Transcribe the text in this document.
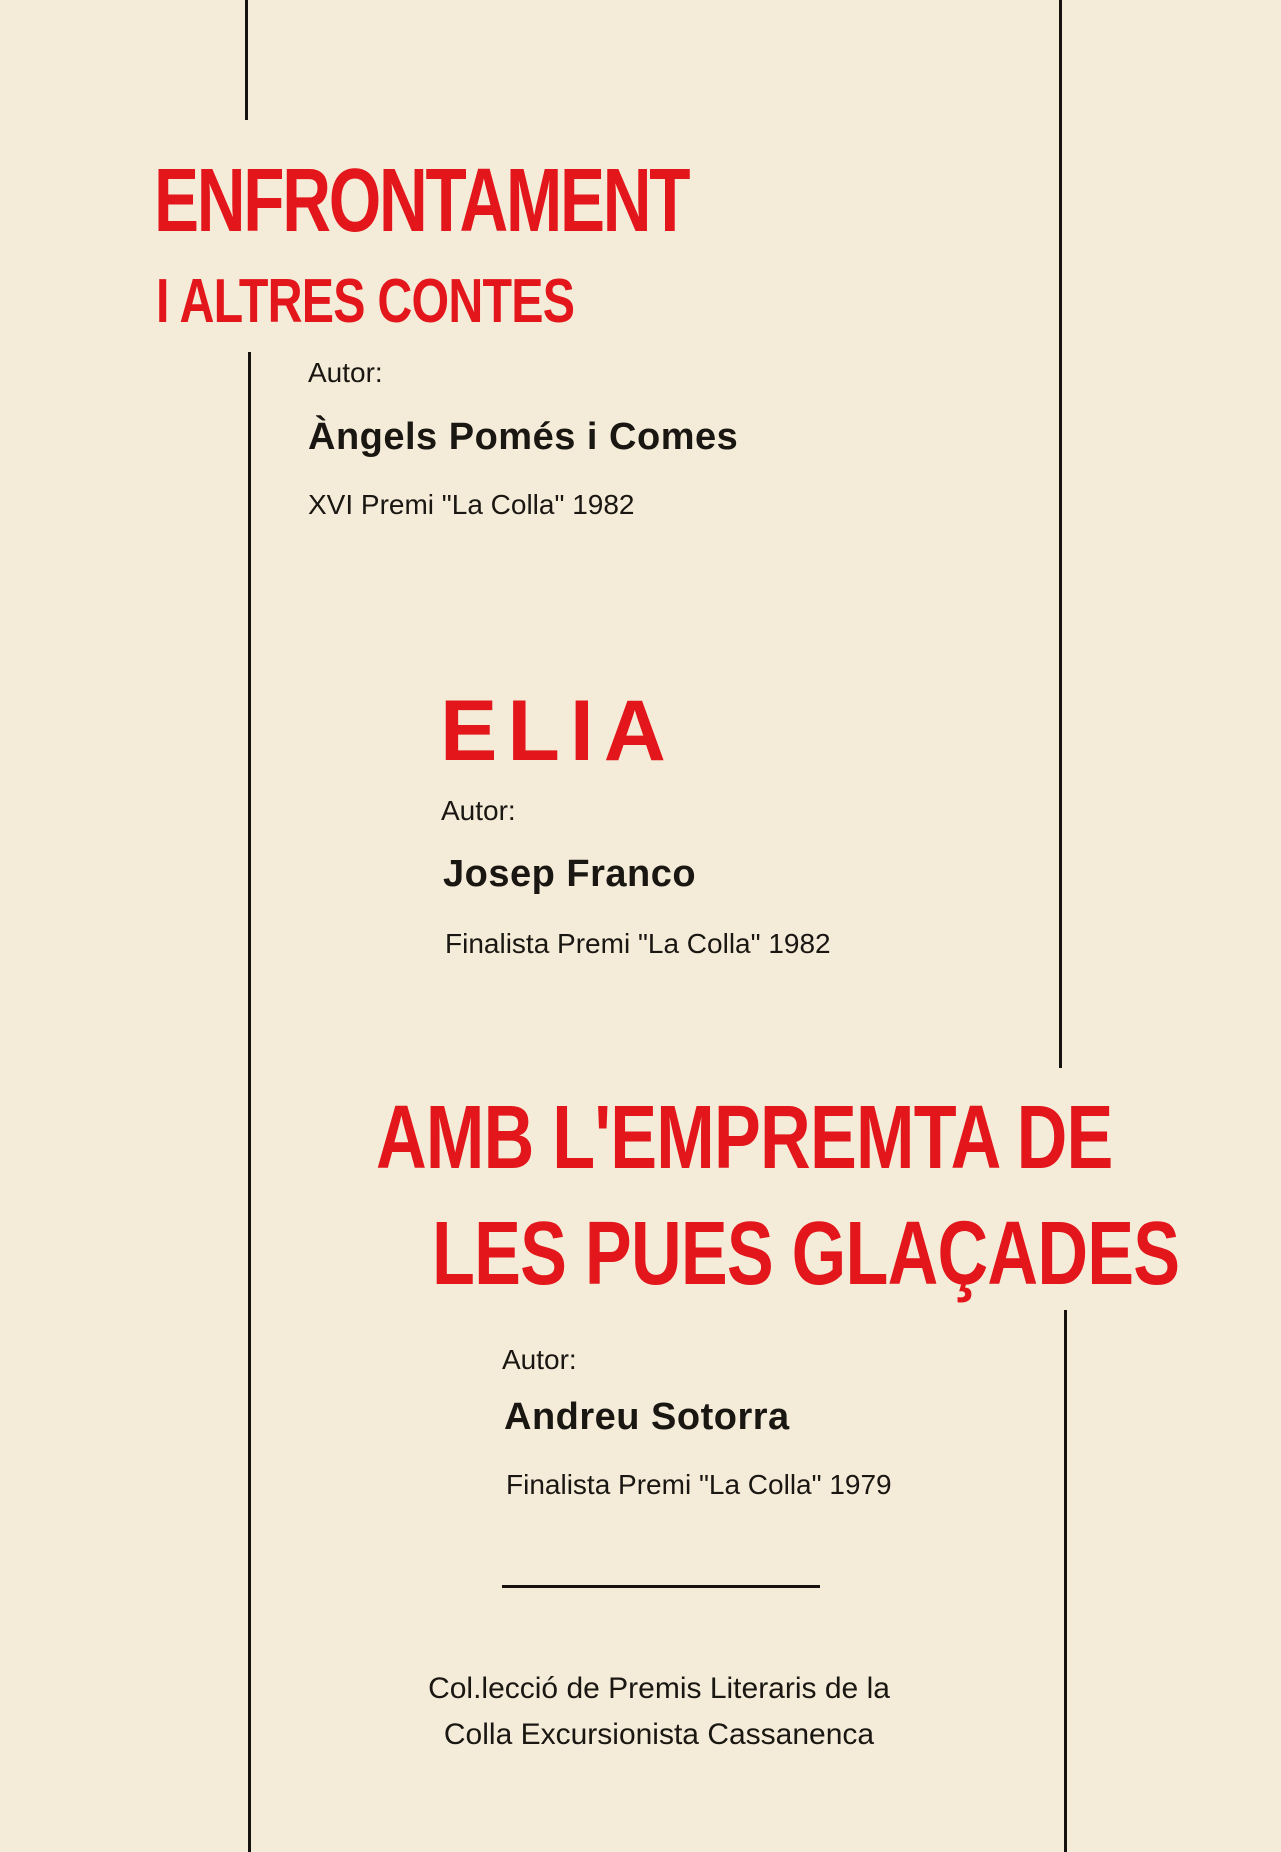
ENFRONTAMENT
I ALTRES CONTES

Autor:

Àngels Pomés i Comes

XVI Premi "La Colla" 1982

ELIA

Autor:

Josep Franco

Finalista Premi "La Colla" 1982

AMB L'EMPREMTA DE
LES PUES GLAÇADES

Autor:

Andreu Sotorra

Finalista Premi "La Colla" 1979

Col.lecció de Premis Literaris de la

Colla Excursionista Cassanenca
